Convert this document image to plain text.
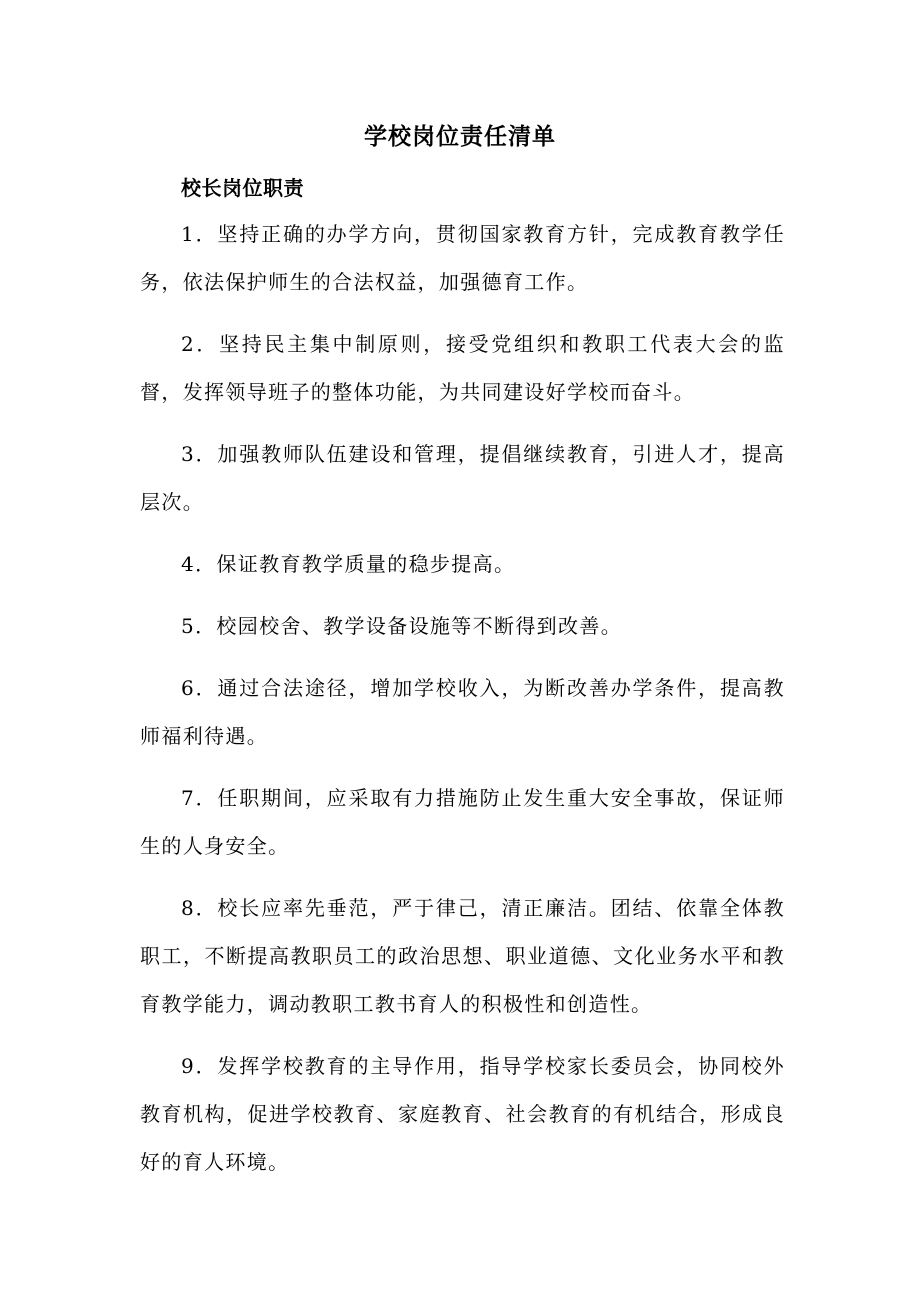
学校岗位责任清单
校长岗位职责

1．坚持正确的办学方向，贯彻国家教育方针，完成教育教学任务，依法保护师生的合法权益，加强德育工作。

2．坚持民主集中制原则，接受党组织和教职工代表大会的监督，发挥领导班子的整体功能，为共同建设好学校而奋斗。

3．加强教师队伍建设和管理，提倡继续教育，引进人才，提高层次。

4．保证教育教学质量的稳步提高。

5．校园校舍、教学设备设施等不断得到改善。

6．通过合法途径，增加学校收入，为断改善办学条件，提高教师福利待遇。

7．任职期间，应采取有力措施防止发生重大安全事故，保证师生的人身安全。

8．校长应率先垂范，严于律己，清正廉洁。团结、依靠全体教职工，不断提高教职员工的政治思想、职业道德、文化业务水平和教育教学能力，调动教职工教书育人的积极性和创造性。

9．发挥学校教育的主导作用，指导学校家长委员会，协同校外教育机构，促进学校教育、家庭教育、社会教育的有机结合，形成良好的育人环境。
